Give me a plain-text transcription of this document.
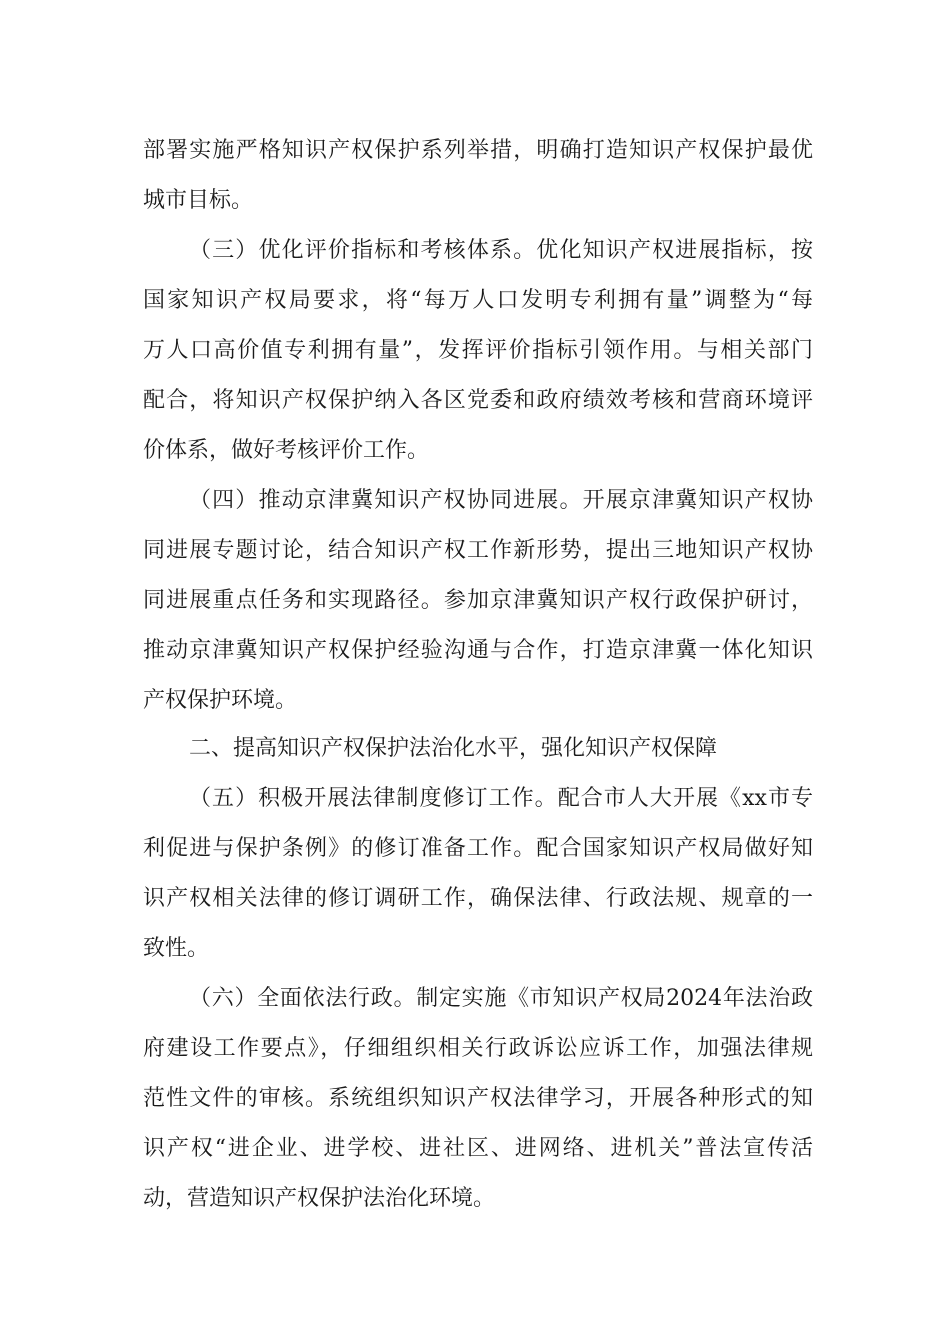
部署实施严格知识产权保护系列举措，明确打造知识产权保护最优
城市目标。
（三）优化评价指标和考核体系。优化知识产权进展指标，按
国家知识产权局要求，将“每万人口发明专利拥有量”调整为“每
万人口高价值专利拥有量”，发挥评价指标引领作用。与相关部门
配合，将知识产权保护纳入各区党委和政府绩效考核和营商环境评
价体系，做好考核评价工作。
（四）推动京津冀知识产权协同进展。开展京津冀知识产权协
同进展专题讨论，结合知识产权工作新形势，提出三地知识产权协
同进展重点任务和实现路径。参加京津冀知识产权行政保护研讨，
推动京津冀知识产权保护经验沟通与合作，打造京津冀一体化知识
产权保护环境。
二、提高知识产权保护法治化水平，强化知识产权保障
（五）积极开展法律制度修订工作。配合市人大开展《xx市专
利促进与保护条例》的修订准备工作。配合国家知识产权局做好知
识产权相关法律的修订调研工作，确保法律、行政法规、规章的一
致性。
（六）全面依法行政。制定实施《市知识产权局2024年法治政
府建设工作要点》，仔细组织相关行政诉讼应诉工作，加强法律规
范性文件的审核。系统组织知识产权法律学习，开展各种形式的知
识产权“进企业、进学校、进社区、进网络、进机关”普法宣传活
动，营造知识产权保护法治化环境。
